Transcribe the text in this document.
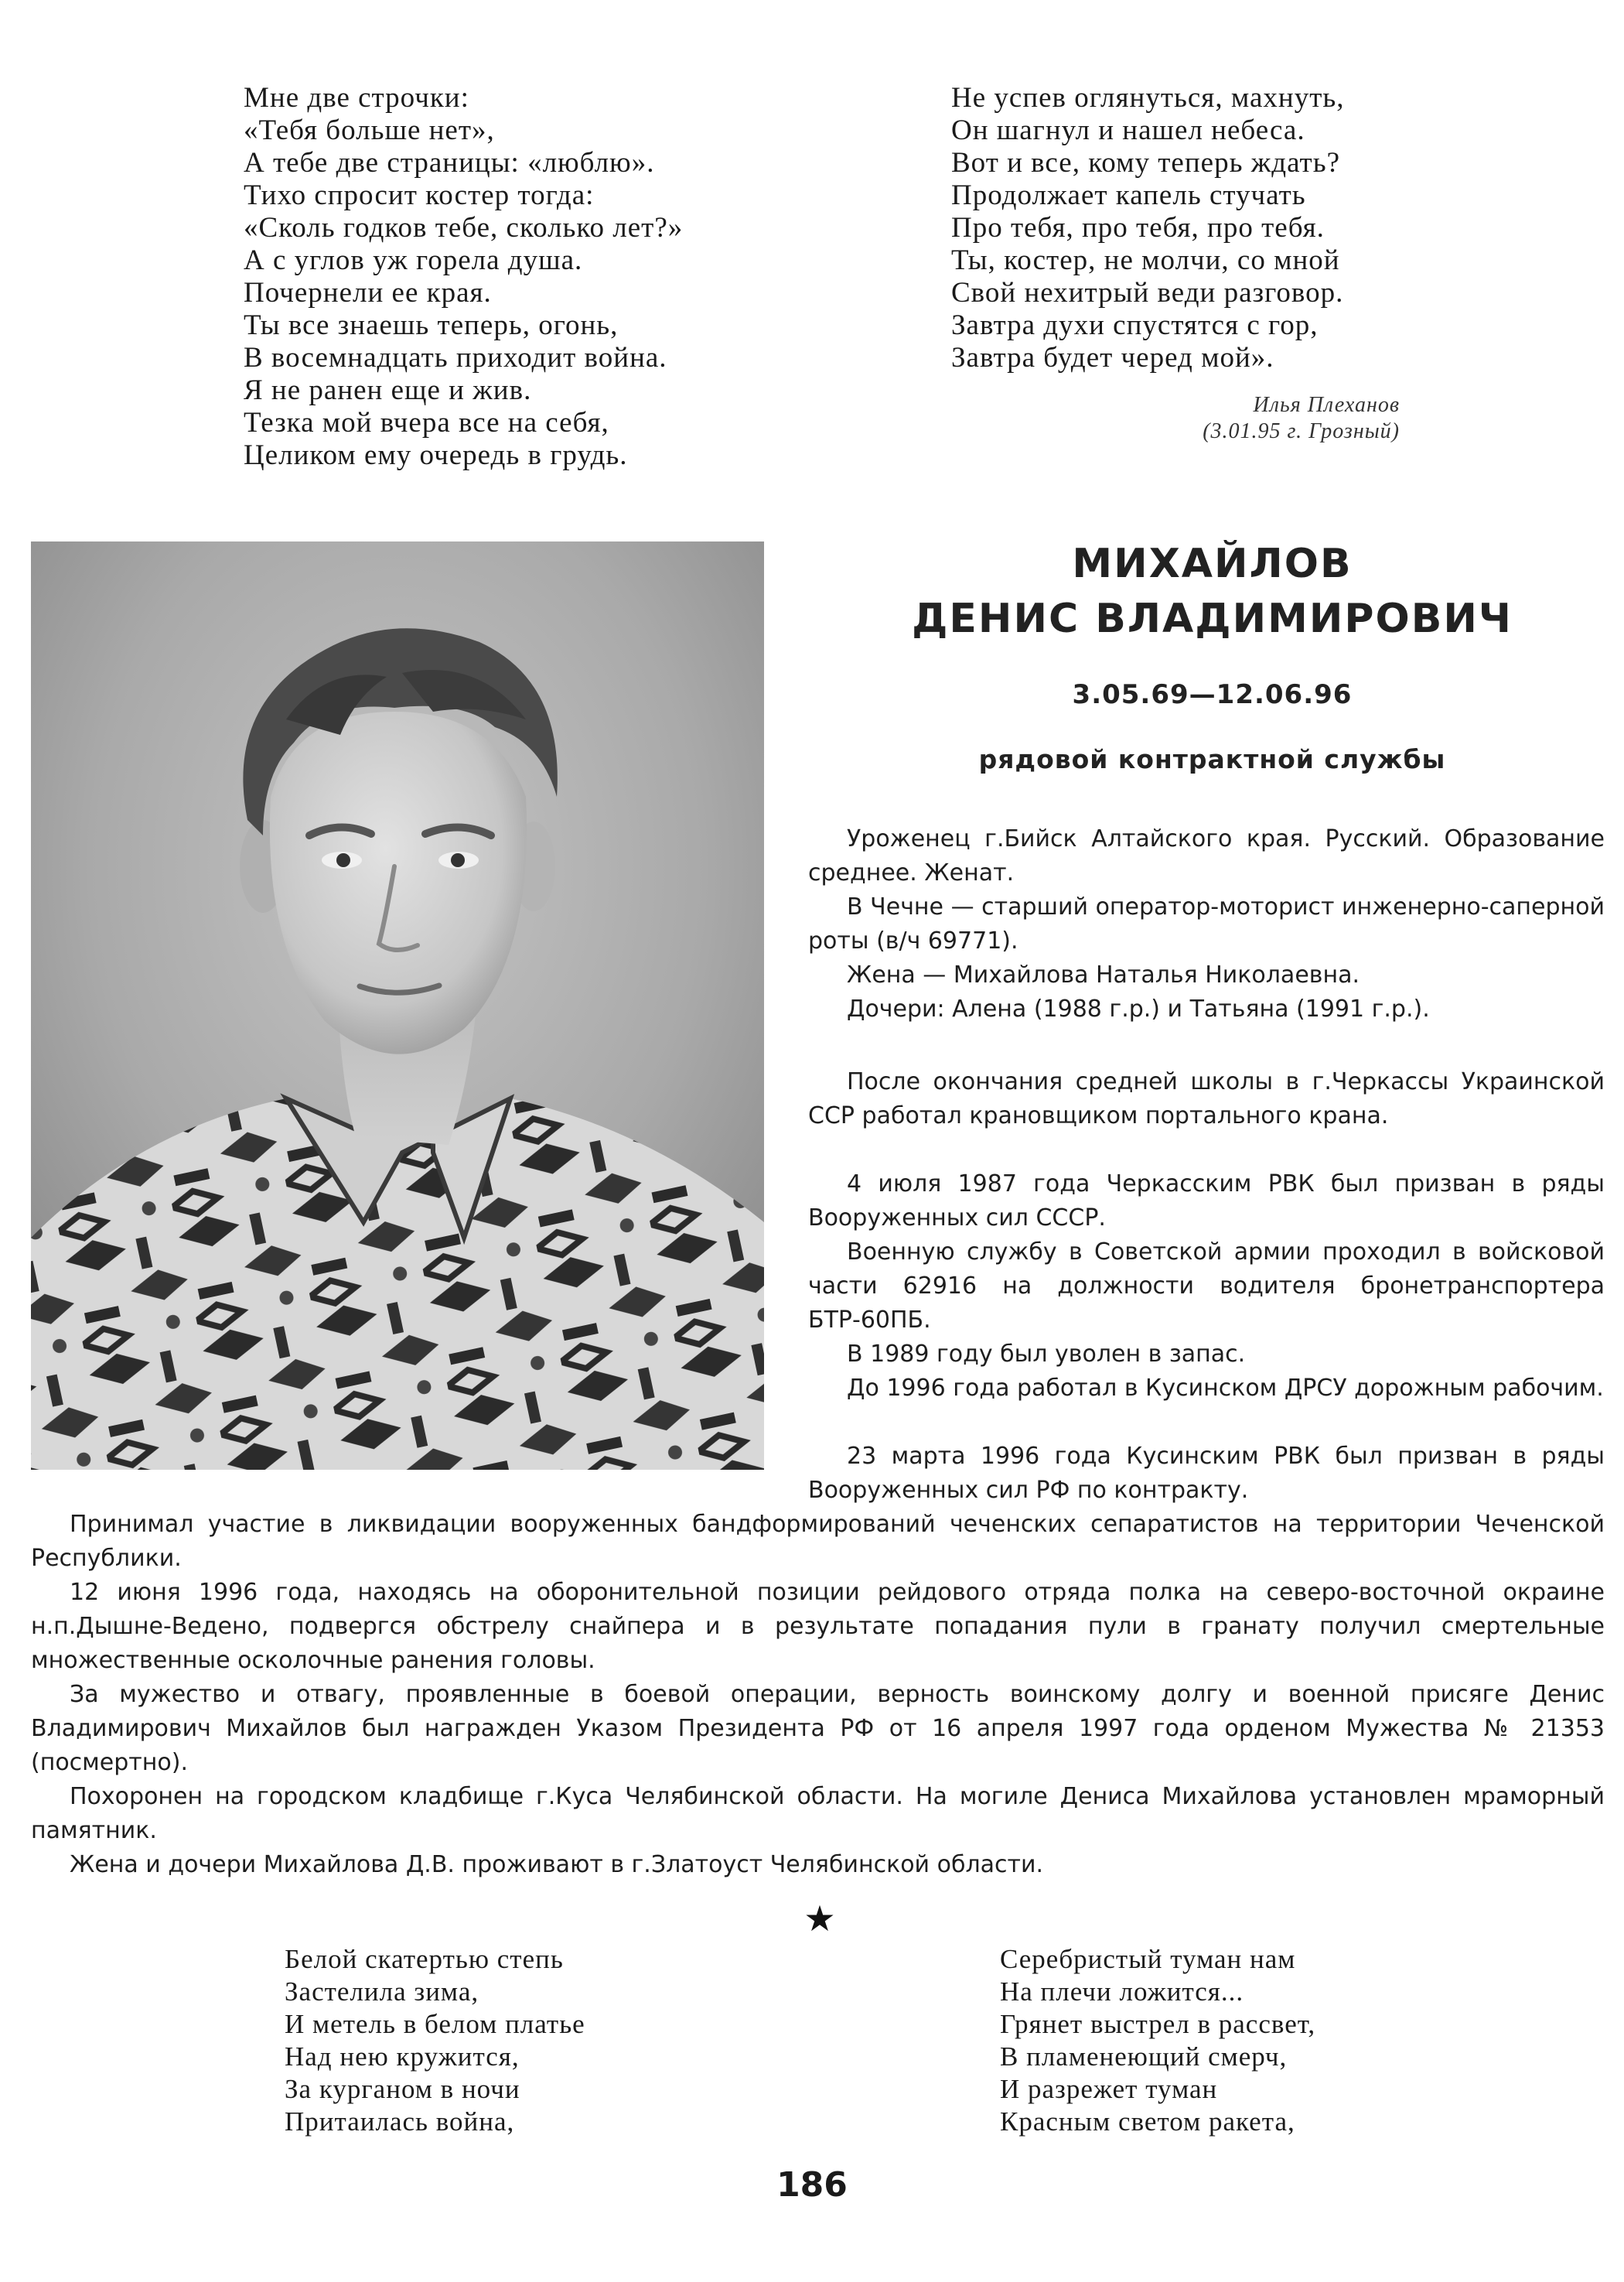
Мне две строчки:
«Тебя больше нет»,
А тебе две страницы: «люблю».
Тихо спросит костер тогда:
«Сколь годков тебе, сколько лет?»
А с углов уж горела душа.
Почернели ее края.
Ты все знаешь теперь, огонь,
В восемнадцать приходит война.
Я не ранен еще и жив.
Тезка мой вчера все на себя,
Целиком ему очередь в грудь.
Не успев оглянуться, махнуть,
Он шагнул и нашел небеса.
Вот и все, кому теперь ждать?
Продолжает капель стучать
Про тебя, про тебя, про тебя.
Ты, костер, не молчи, со мной
Свой нехитрый веди разговор.
Завтра духи спустятся с гор,
Завтра будет черед мой».
Илья Плеханов
(3.01.95 г. Грозный)
МИХАЙЛОВ
ДЕНИС ВЛАДИМИРОВИЧ
3.05.69—12.06.96
рядовой контрактной службы

Уроженец г.Бийск Алтайского края. Русский. Образование среднее. Женат.

В Чечне — старший оператор-моторист инженерно-саперной роты (в/ч 69771).

Жена — Михайлова Наталья Николаевна.

Дочери: Алена (1988 г.р.) и Татьяна (1991 г.р.).

После окончания средней школы в г.Черкассы Украинской ССР работал крановщиком портального крана.

4 июля 1987 года Черкасским РВК был призван в ряды Вооруженных сил СССР.

Военную службу в Советской армии проходил в войсковой части 62916 на должности водителя бронетранспортера БТР-60ПБ.

В 1989 году был уволен в запас.

До 1996 года работал в Кусинском ДРСУ дорожным рабочим.

23 марта 1996 года Кусинским РВК был призван в ряды Вооруженных сил РФ по контракту.

Принимал участие в ликвидации вооруженных бандформирований чеченских сепаратистов на территории Чеченской Республики.

12 июня 1996 года, находясь на оборонительной позиции рейдового отряда полка на северо-восточной окраине н.п.Дышне-Ведено, подвергся обстрелу снайпера и в результате попадания пули в гранату получил смертельные множественные осколочные ранения головы.

За мужество и отвагу, проявленные в боевой операции, верность воинскому долгу и военной присяге Денис Владимирович Михайлов был награжден Указом Президента РФ от 16 апреля 1997 года орденом Мужества № 21353 (посмертно).

Похоронен на городском кладбище г.Куса Челябинской области. На могиле Дениса Михайлова установлен мраморный памятник.

Жена и дочери Михайлова Д.В. проживают в г.Златоуст Челябинской области.

★
Белой скатертью степь
Застелила зима,
И метель в белом платье
Над нею кружится,
За курганом в ночи
Притаилась война,
Серебристый туман нам
На плечи ложится...
Грянет выстрел в рассвет,
В пламенеющий смерч,
И разрежет туман
Красным светом ракета,
186
